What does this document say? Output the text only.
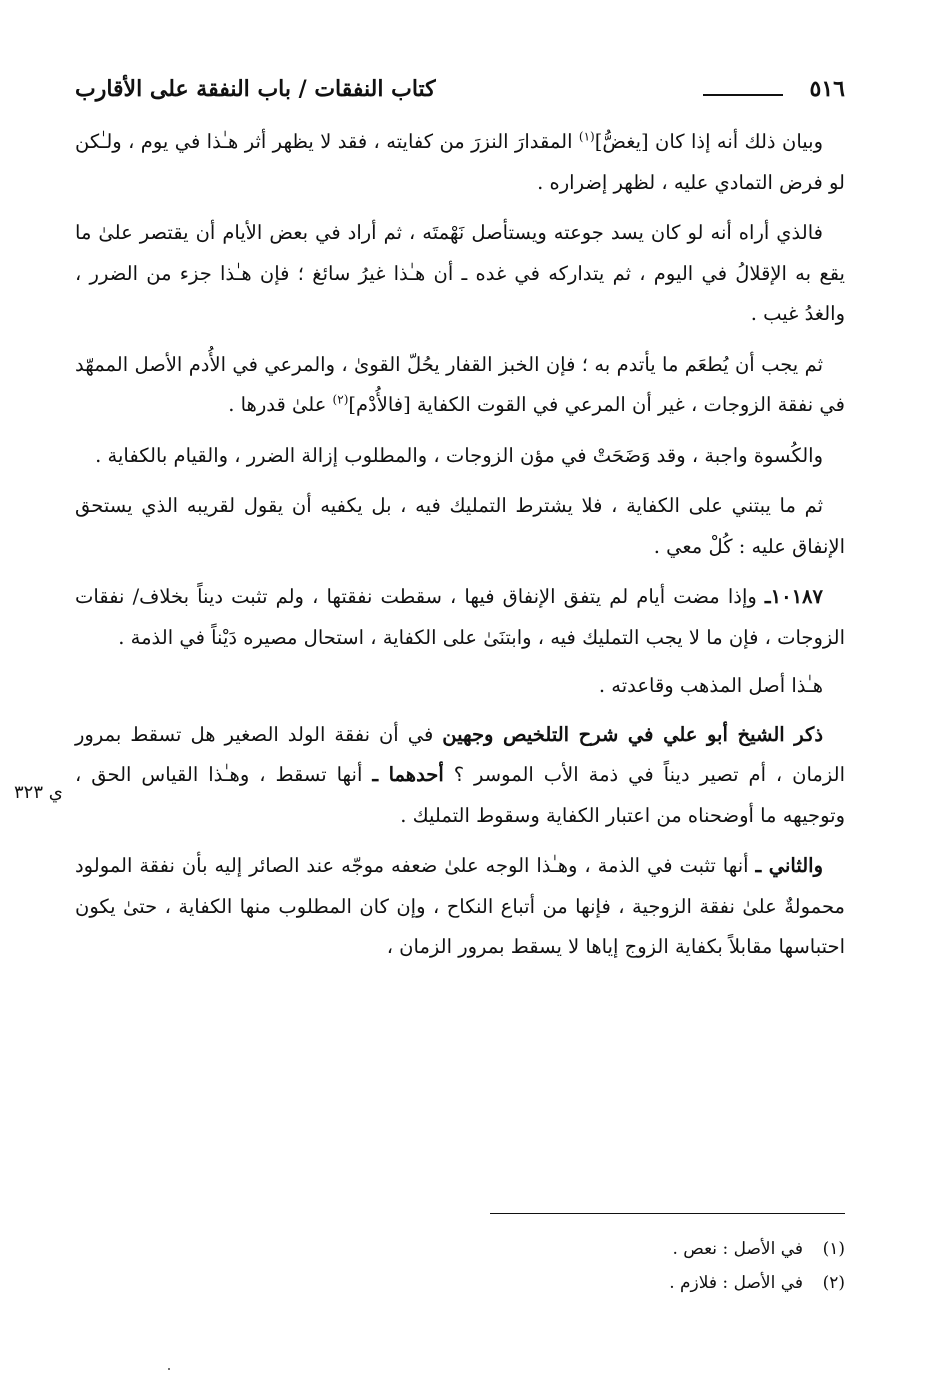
٥١٦
كتاب النفقات / باب النفقة على الأقارب
ي ٣٢٣

وبيان ذلك أنه إذا كان [يغضُّ]$^{(١)}$ المقدارَ النزرَ من كفايته ، فقد لا يظهر أثر هـٰذا في يوم ، ولـٰكن لو فرض التمادي عليه ، لظهر إضراره .

فالذي أراه أنه لو كان يسد جوعته ويستأصل نَهْمتَه ، ثم أراد في بعض الأيام أن يقتصر علىٰ ما يقع به الإقلالُ في اليوم ، ثم يتداركه في غده ـ أن هـٰذا غيرُ سائغ ؛ فإن هـٰذا جزء من الضرر ، والغدُ غيب .

ثم يجب أن يُطعَم ما يأتدم به ؛ فإن الخبز القفار يحُلّ القوىٰ ، والمرعي في الأُدم الأصل الممهّد في نفقة الزوجات ، غير أن المرعي في القوت الكفاية [فالأُدْم]$^{(٢)}$ علىٰ قدرها .

والكُسوة واجبة ، وقد وَضَحَتْ في مؤن الزوجات ، والمطلوب إزالة الضرر ، والقيام بالكفاية .

ثم ما يبتني على الكفاية ، فلا يشترط التمليك فيه ، بل يكفيه أن يقول لقريبه الذي يستحق الإنفاق عليه : كُلْ معي .

١٠١٨٧ـ وإذا مضت أيام لم يتفق الإنفاق فيها ، سقطت نفقتها ، ولم تثبت ديناً بخلاف/ نفقات الزوجات ، فإن ما لا يجب التمليك فيه ، وابتنَىٰ على الكفاية ، استحال مصيره دَيْناً في الذمة .

هـٰذا أصل المذهب وقاعدته .

ذكر الشيخ أبو علي في شرح التلخيص وجهين في أن نفقة الولد الصغير هل تسقط بمرور الزمان ، أم تصير ديناً في ذمة الأب الموسر ؟ أحدهما ـ أنها تسقط ، وهـٰذا القياس الحق ، وتوجيهه ما أوضحناه من اعتبار الكفاية وسقوط التمليك .

والثاني ـ أنها تثبت في الذمة ، وهـٰذا الوجه علىٰ ضعفه موجّه عند الصائر إليه بأن نفقة المولود محمولةٌ علىٰ نفقة الزوجية ، فإنها من أتباع النكاح ، وإن كان المطلوب منها الكفاية ، حتىٰ يكون احتباسها مقابلاً بكفاية الزوج إياها لا يسقط بمرور الزمان ،

(١)في الأصل : نعص .
(٢)في الأصل : فلازم .
